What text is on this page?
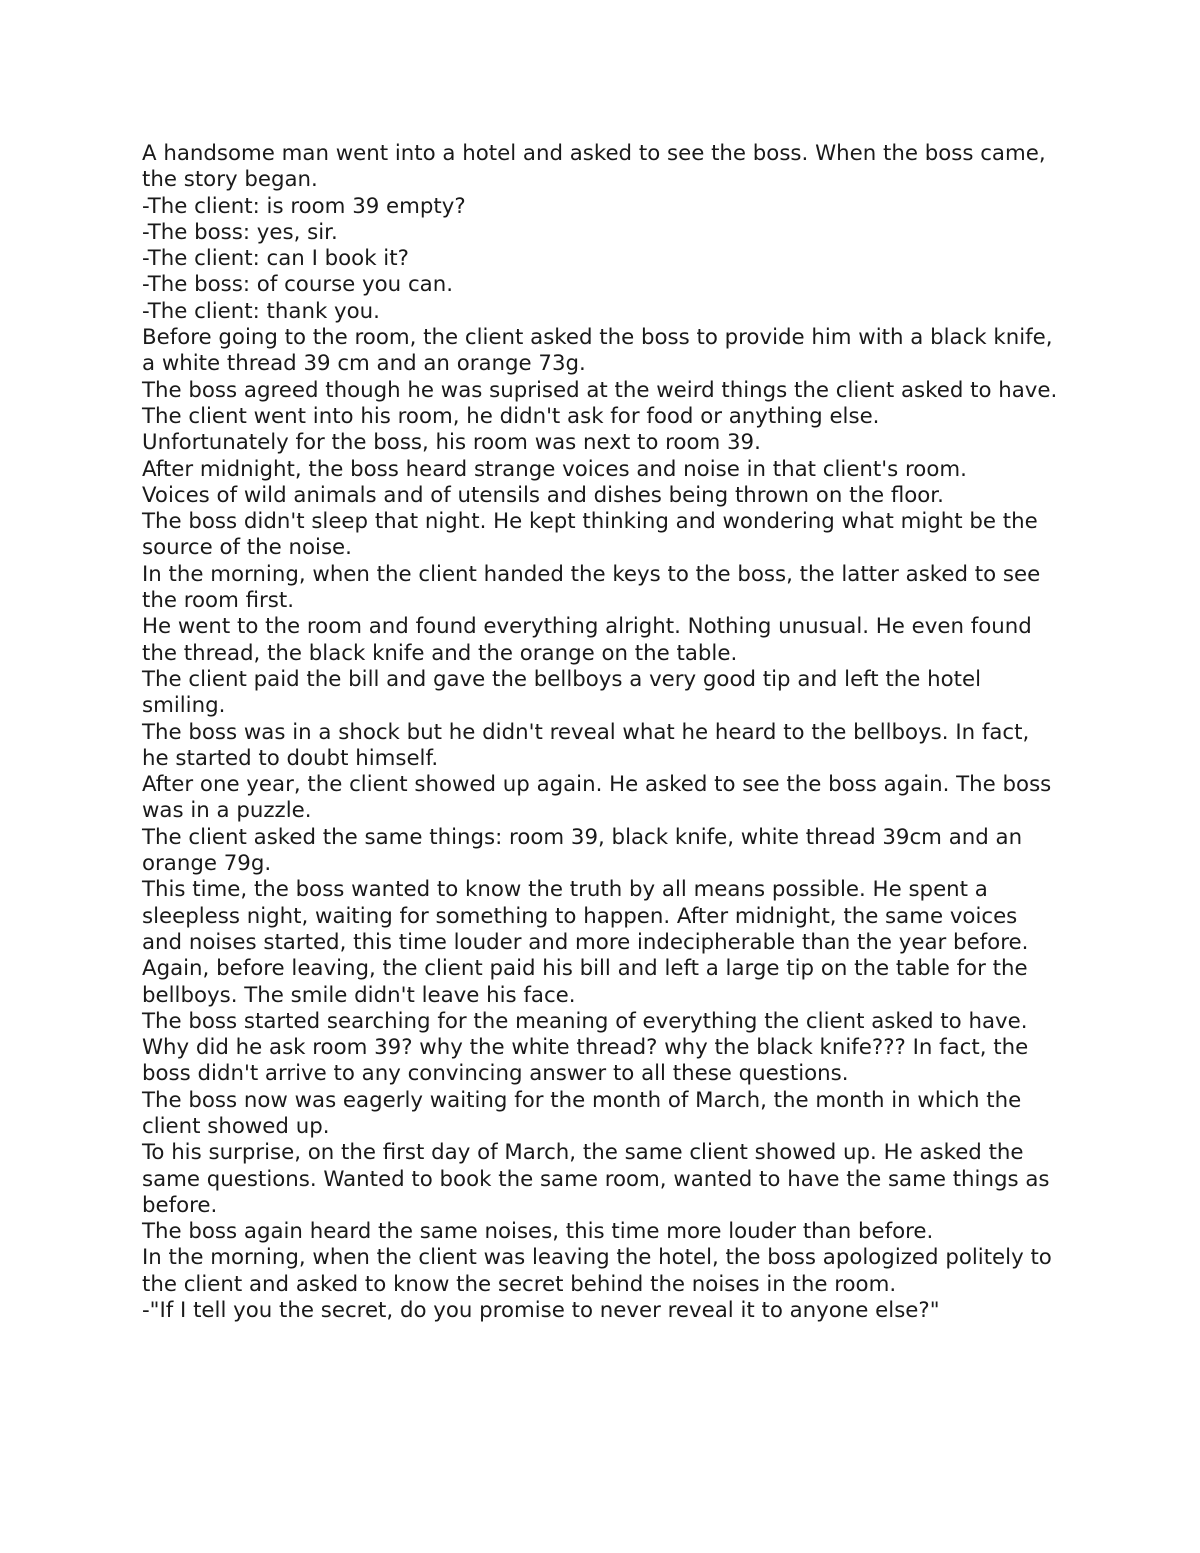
A handsome man went into a hotel and asked to see the boss. When the boss came, the story began.

-The client: is room 39 empty?

-The boss: yes, sir.

-The client: can I book it?

-The boss: of course you can.

-The client: thank you.

Before going to the room, the client asked the boss to provide him with a black knife, a white thread 39 cm and an orange 73g.

The boss agreed though he was suprised at the weird things the client asked to have.

The client went into his room, he didn't ask for food or anything else.

Unfortunately for the boss, his room was next to room 39.

After midnight, the boss heard strange voices and noise in that client's room.

Voices of wild animals and of utensils and dishes being thrown on the floor.

The boss didn't sleep that night. He kept thinking and wondering what might be the source of the noise.

In the morning, when the client handed the keys to the boss, the latter asked to see the room first.

He went to the room and found everything alright. Nothing unusual. He even found the thread, the black knife and the orange on the table.

The client paid the bill and gave the bellboys a very good tip and left the hotel smiling.

The boss was in a shock but he didn't reveal what he heard to the bellboys. In fact, he started to doubt himself.

After one year, the client showed up again. He asked to see the boss again. The boss was in a puzzle.

The client asked the same things: room 39, black knife, white thread 39cm and an orange 79g.

This time, the boss wanted to know the truth by all means possible. He spent a sleepless night, waiting for something to happen. After midnight, the same voices and noises started, this time louder and more indecipherable than the year before.

Again, before leaving, the client paid his bill and left a large tip on the table for the bellboys. The smile didn't leave his face.

The boss started searching for the meaning of everything the client asked to have. Why did he ask room 39? why the white thread? why the black knife??? In fact, the boss didn't arrive to any convincing answer to all these questions.

The boss now was eagerly waiting for the month of March, the month in which the client showed up.

To his surprise, on the first day of March, the same client showed up. He asked the same questions. Wanted to book the same room, wanted to have the same things as before.

The boss again heard the same noises, this time more louder than before.

In the morning, when the client was leaving the hotel, the boss apologized politely to the client and asked to know the secret behind the noises in the room.

-"If I tell you the secret, do you promise to never reveal it to anyone else?"
